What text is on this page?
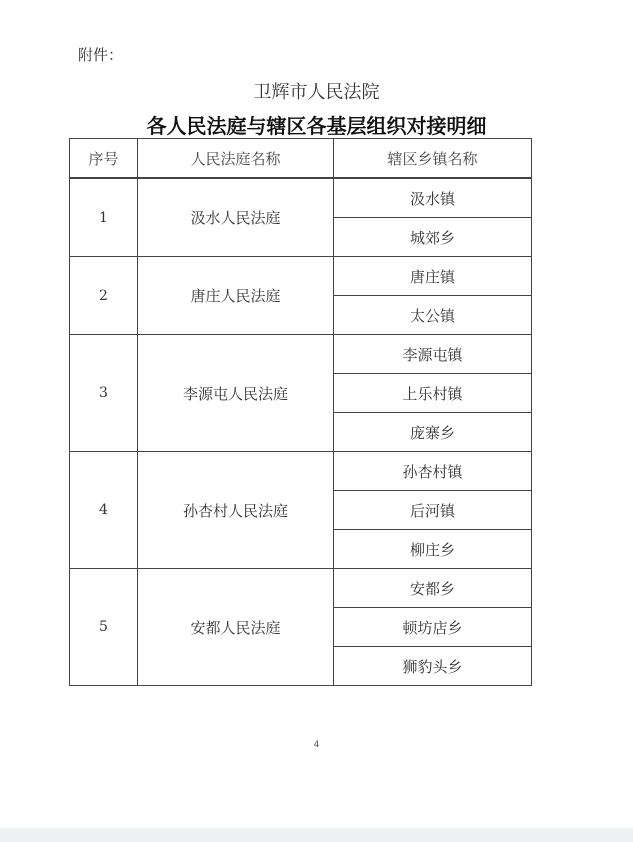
附件：
卫辉市人民法院
各人民法庭与辖区各基层组织对接明细
序号	人民法庭名称	辖区乡镇名称

1	汲水人民法庭	汲水镇
		城郊乡
2	唐庄人民法庭	唐庄镇
		太公镇
3	李源屯人民法庭	李源屯镇
		上乐村镇
		庞寨乡
4	孙杏村人民法庭	孙杏村镇
		后河镇
		柳庄乡
5	安都人民法庭	安都乡
		顿坊店乡
		狮豹头乡
4
